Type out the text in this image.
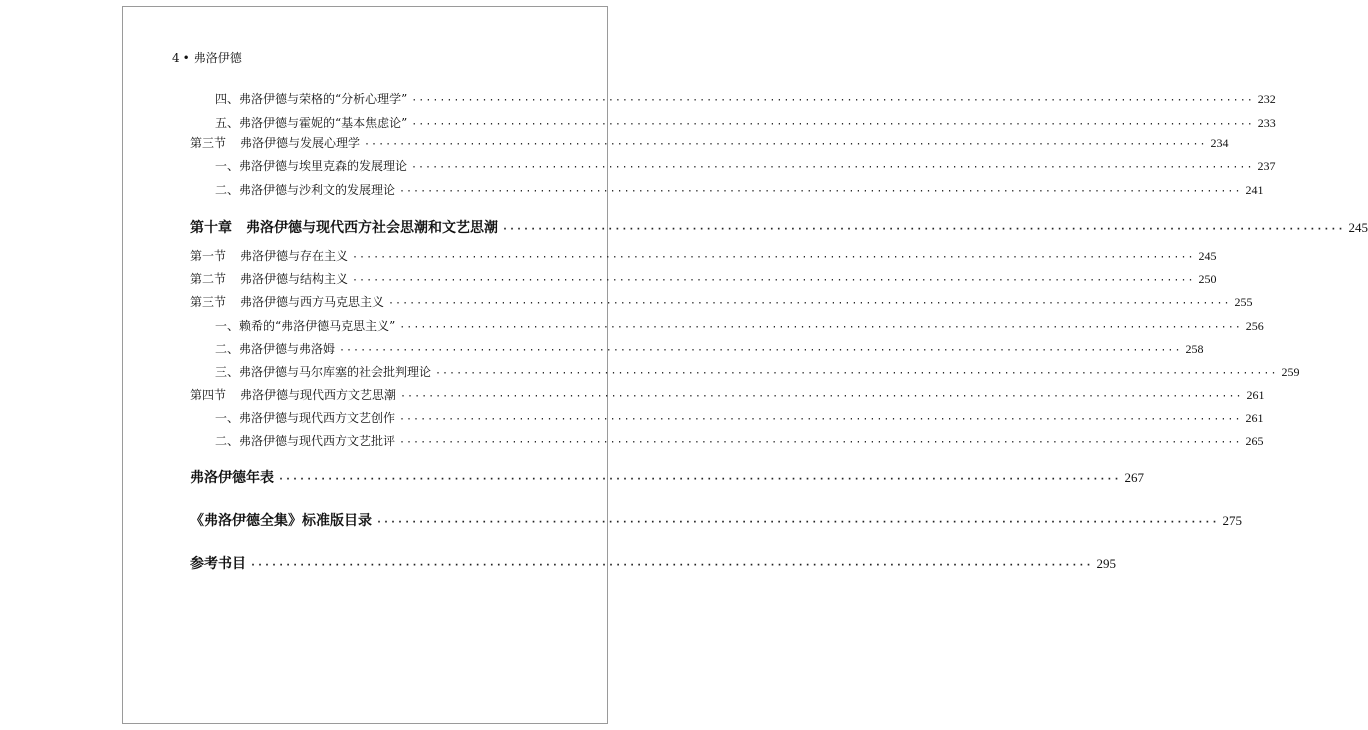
4 • 弗洛伊德
四、弗洛伊德与荣格的“分析心理学” ························································································································ 232
五、弗洛伊德与霍妮的“基本焦虑论” ························································································································ 233
第三节 弗洛伊德与发展心理学 ························································································································ 234
一、弗洛伊德与埃里克森的发展理论 ························································································································ 237
二、弗洛伊德与沙利文的发展理论 ························································································································ 241
第十章 弗洛伊德与现代西方社会思潮和文艺思潮 ························································································································ 245
第一节 弗洛伊德与存在主义 ························································································································ 245
第二节 弗洛伊德与结构主义 ························································································································ 250
第三节 弗洛伊德与西方马克思主义 ························································································································ 255
一、赖希的“弗洛伊德马克思主义” ························································································································ 256
二、弗洛伊德与弗洛姆 ························································································································ 258
三、弗洛伊德与马尔库塞的社会批判理论 ························································································································ 259
第四节 弗洛伊德与现代西方文艺思潮 ························································································································ 261
一、弗洛伊德与现代西方文艺创作 ························································································································ 261
二、弗洛伊德与现代西方文艺批评 ························································································································ 265
弗洛伊德年表 ························································································································ 267
《弗洛伊德全集》标准版目录 ························································································································ 275
参考书目 ························································································································ 295
